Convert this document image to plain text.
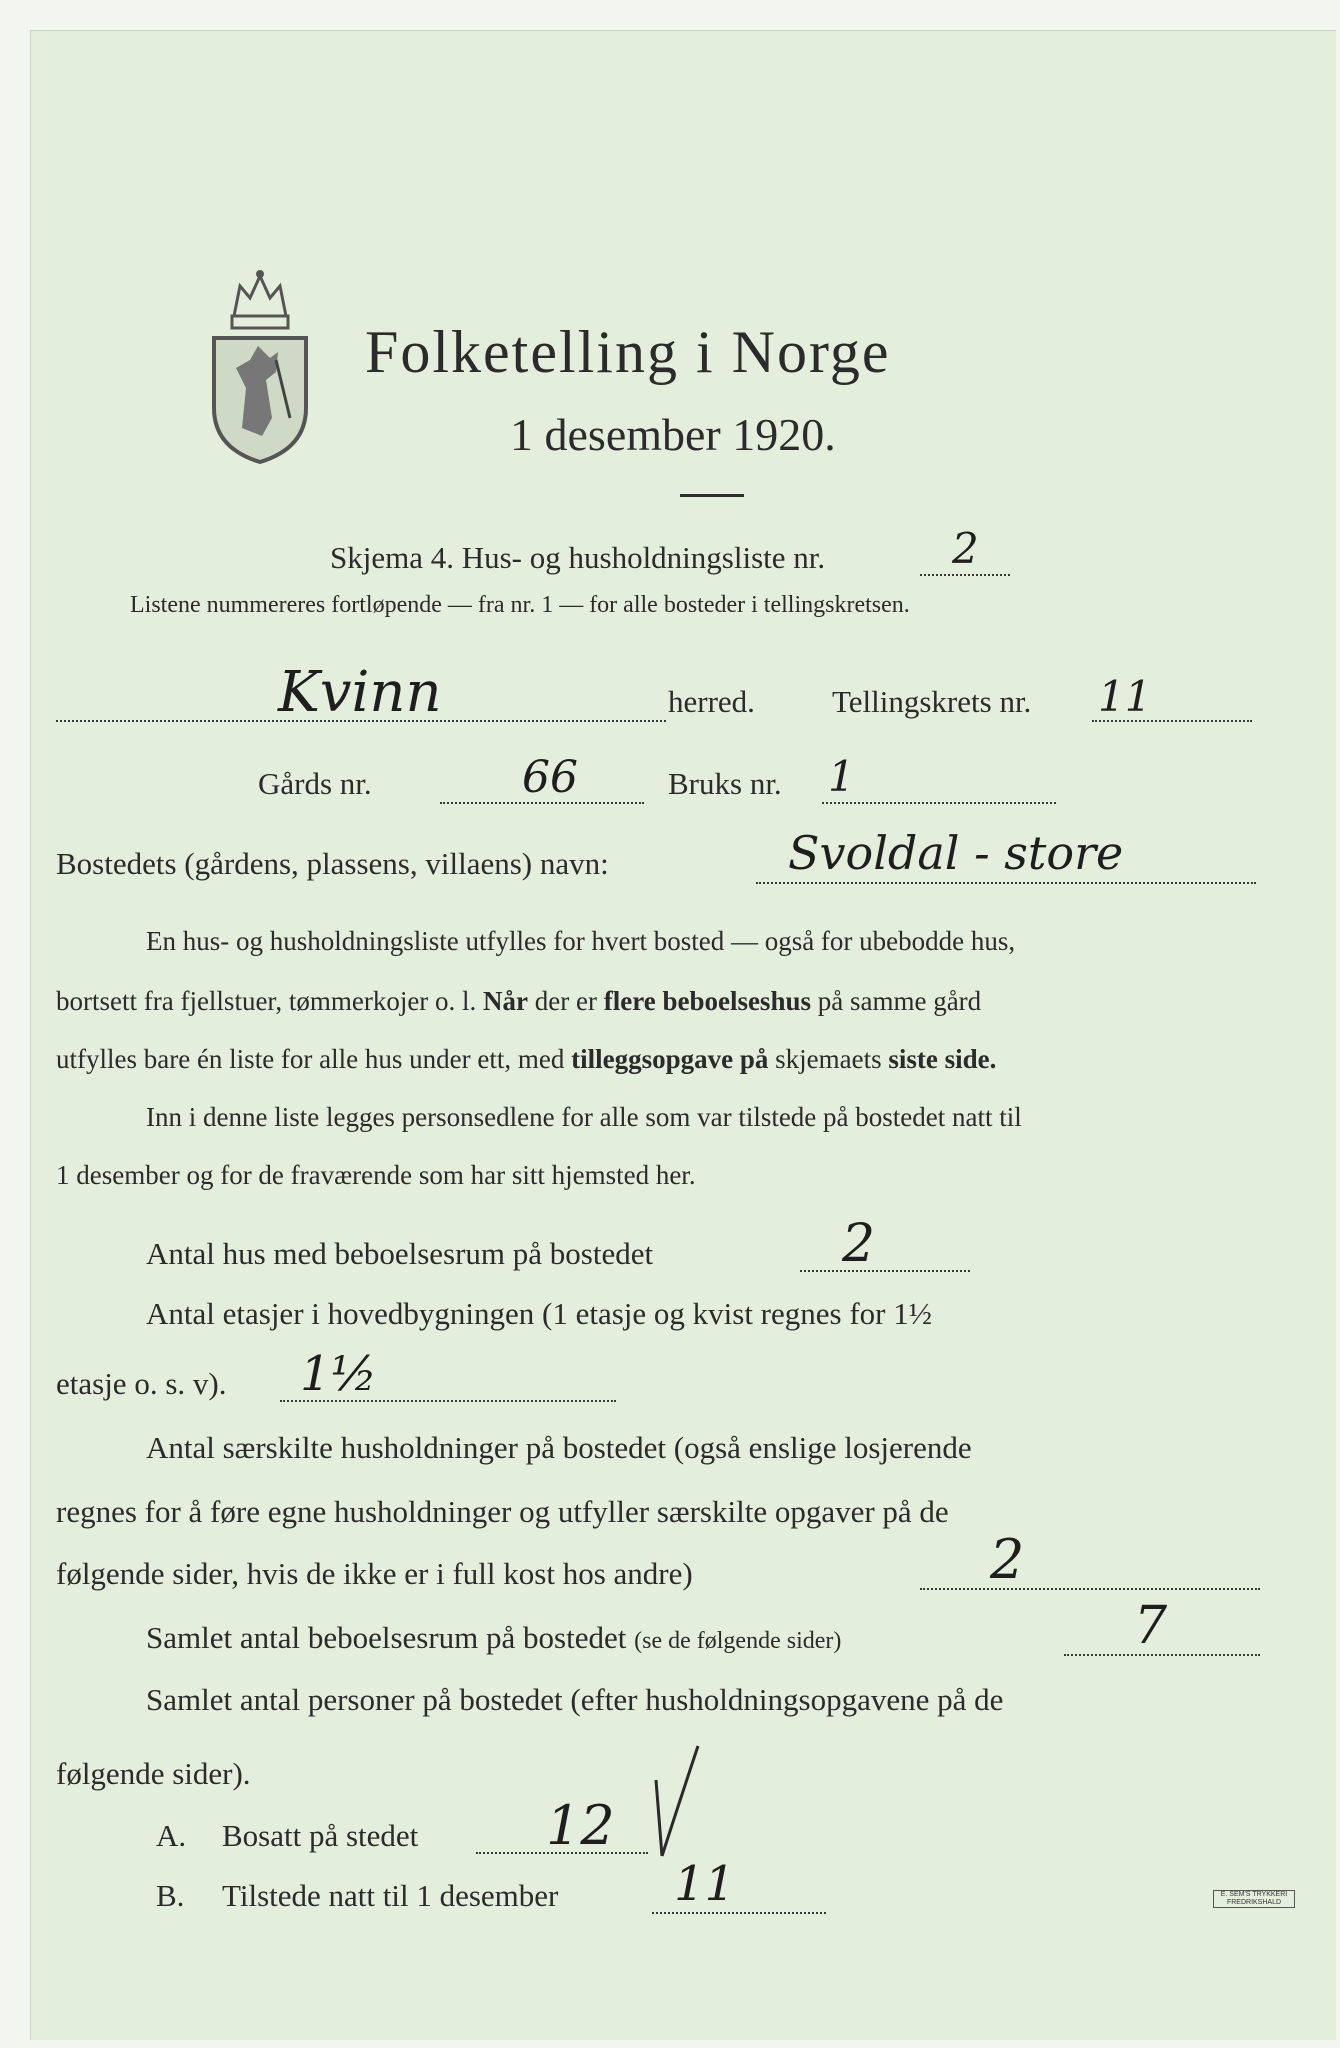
Folketelling i Norge
1 desember 1920.
Skjema 4. Hus- og husholdningsliste nr.	2
Listene nummereres fortløpende — fra nr. 1 — for alle bosteder i tellingskretsen.
Kvinn	herred. Tellingskrets nr. 11
Gårds nr.	66	Bruks nr. 1
Bostedets (gårdens, plassens, villaens) navn:	Svoldal - store
En hus- og husholdningsliste utfylles for hvert bosted — også for ubebodde hus,
bortsett fra fjellstuer, tømmerkojer o. l. Når der er flere beboelseshus på samme gård
utfylles bare én liste for alle hus under ett, med tilleggsopgave på skjemaets siste side.
Inn i denne liste legges personsedlene for alle som var tilstede på bostedet natt til
1 desember og for de fraværende som har sitt hjemsted her.
Antal hus med beboelsesrum på bostedet	2
Antal etasjer i hovedbygningen (1 etasje og kvist regnes for 1½
etasje o. s. v). 1½
Antal særskilte husholdninger på bostedet (også enslige losjerende
regnes for å føre egne husholdninger og utfyller særskilte opgaver på de
følgende sider, hvis de ikke er i full kost hos andre)	2
Samlet antal beboelsesrum på bostedet (se de følgende sider)	7
Samlet antal personer på bostedet (efter husholdningsopgavene på de
følgende sider).
A. Bosatt på stedet 12
B. Tilstede natt til 1 desember 11	E. SEM'S TRYKKERI FREDRIKSHALD
